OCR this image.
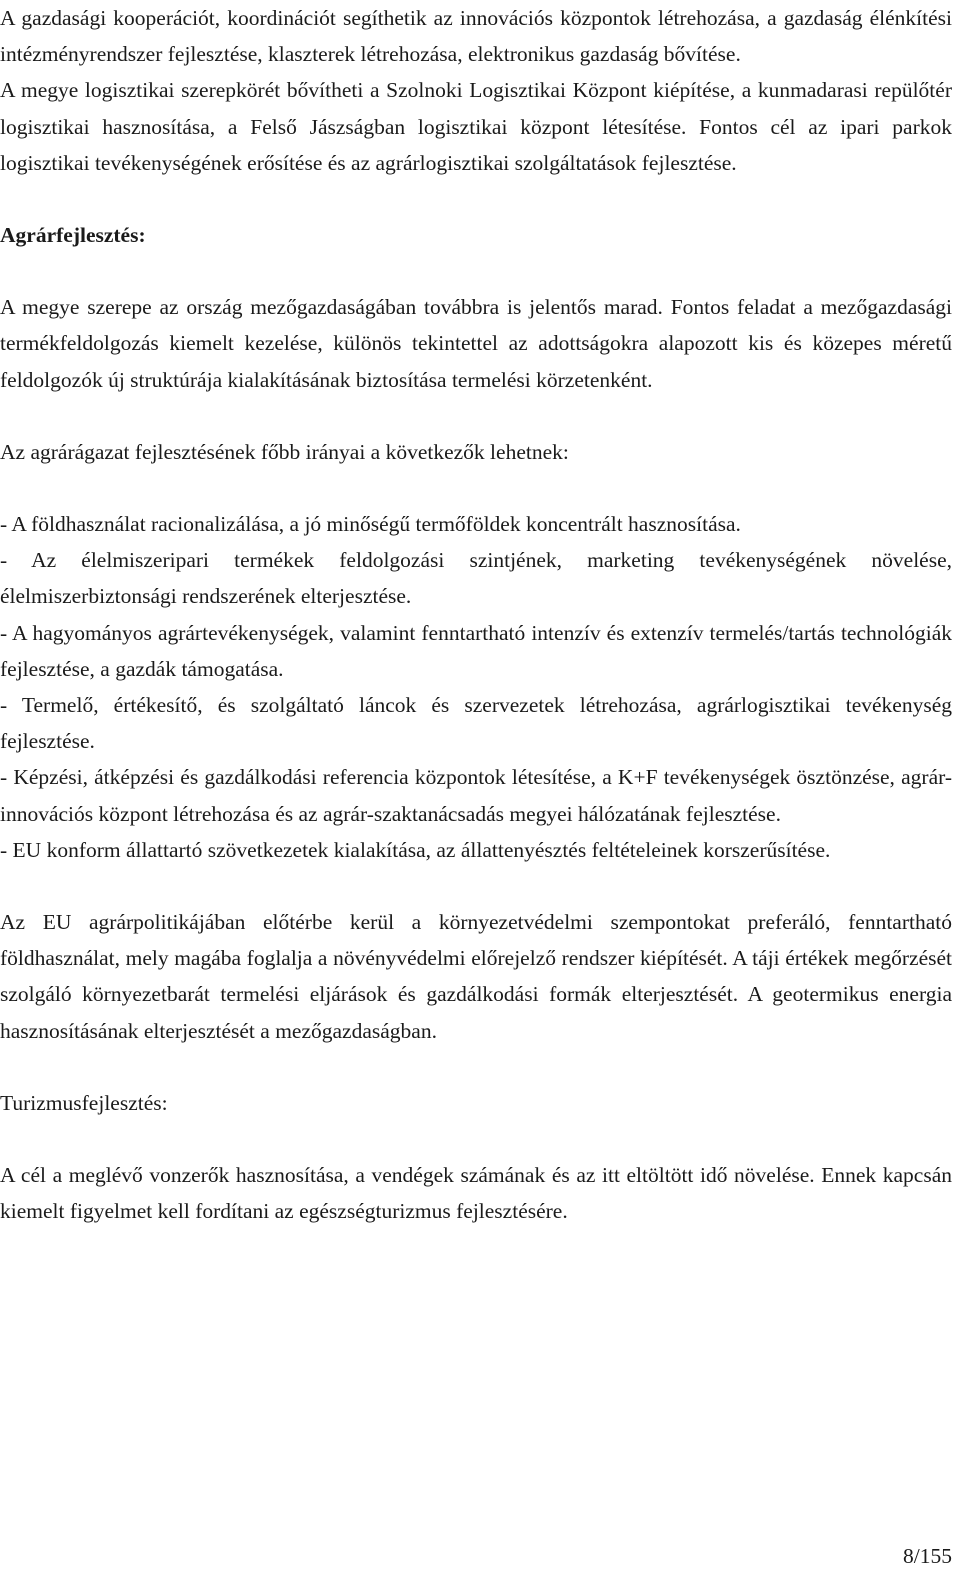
A gazdasági kooperációt, koordinációt segíthetik az innovációs központok létrehozása, a gazdaság élénkítési intézményrendszer fejlesztése, klaszterek létrehozása, elektronikus gazdaság bővítése.

A megye logisztikai szerepkörét bővítheti a Szolnoki Logisztikai Központ kiépítése, a kunmadarasi repülőtér logisztikai hasznosítása, a Felső Jászságban logisztikai központ létesítése. Fontos cél az ipari parkok logisztikai tevékenységének erősítése és az agrárlogisztikai szolgáltatások fejlesztése.

Agrárfejlesztés:

A megye szerepe az ország mezőgazdaságában továbbra is jelentős marad. Fontos feladat a mezőgazdasági termékfeldolgozás kiemelt kezelése, különös tekintettel az adottságokra alapozott kis és közepes méretű feldolgozók új struktúrája kialakításának biztosítása termelési körzetenként.

Az agrárágazat fejlesztésének főbb irányai a következők lehetnek:

- A földhasználat racionalizálása, a jó minőségű termőföldek koncentrált hasznosítása.

- Az élelmiszeripari termékek feldolgozási szintjének, marketing tevékenységének növelése, élelmiszerbiztonsági rendszerének elterjesztése.

- A hagyományos agrártevékenységek, valamint fenntartható intenzív és extenzív termelés/tartás technológiák fejlesztése, a gazdák támogatása.

- Termelő, értékesítő, és szolgáltató láncok és szervezetek létrehozása, agrárlogisztikai tevékenység fejlesztése.

- Képzési, átképzési és gazdálkodási referencia központok létesítése, a K+F tevékenységek ösztönzése, agrár-innovációs központ létrehozása és az agrár-szaktanácsadás megyei hálózatának fejlesztése.

- EU konform állattartó szövetkezetek kialakítása, az állattenyésztés feltételeinek korszerűsítése.

Az EU agrárpolitikájában előtérbe kerül a környezetvédelmi szempontokat preferáló, fenntartható földhasználat, mely magába foglalja a növényvédelmi előrejelző rendszer kiépítését. A táji értékek megőrzését szolgáló környezetbarát termelési eljárások és gazdálkodási formák elterjesztését. A geotermikus energia hasznosításának elterjesztését a mezőgazdaságban.

Turizmusfejlesztés:

A cél a meglévő vonzerők hasznosítása, a vendégek számának és az itt eltöltött idő növelése. Ennek kapcsán kiemelt figyelmet kell fordítani az egészségturizmus fejlesztésére.

8/155
